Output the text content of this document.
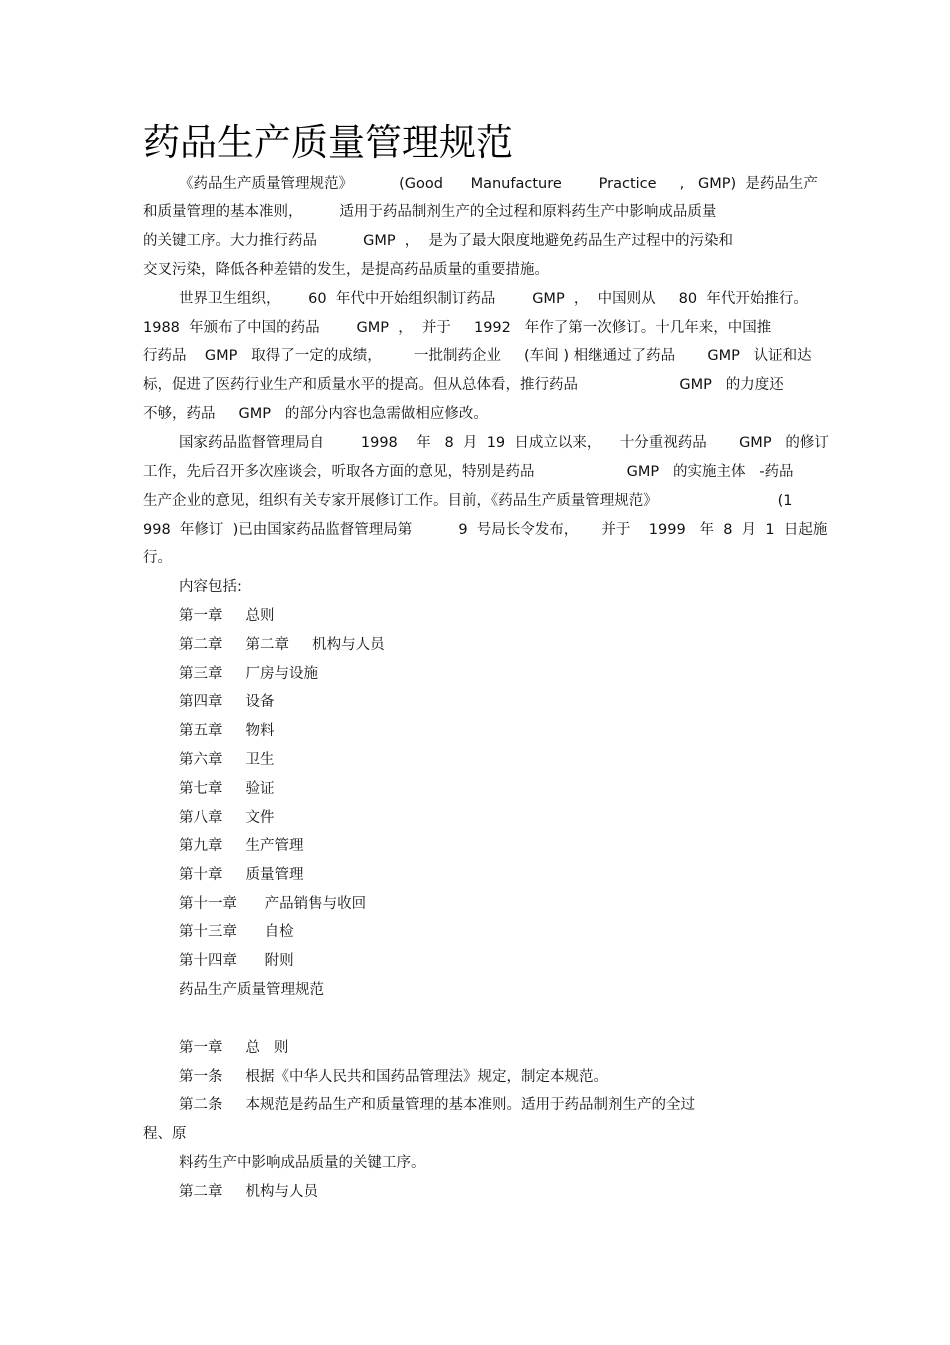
药品生产质量管理规范
《药品生产质量管理规范》          (Good      Manufacture        Practice     ,   GMP)  是药品生产
和质量管理的基本准则，        适用于药品制剂生产的全过程和原料药生产中影响成品质量
的关键工序。大力推行药品          GMP  ，  是为了最大限度地避免药品生产过程中的污染和
交叉污染，降低各种差错的发生，是提高药品质量的重要措施。
世界卫生组织，      60  年代中开始组织制订药品        GMP  ，  中国则从     80  年代开始推行。
1988  年颁布了中国的药品        GMP  ，  并于     1992   年作了第一次修订。十几年来，中国推
行药品    GMP   取得了一定的成绩，       一批制药企业     (车间 ) 相继通过了药品       GMP   认证和达
标，促进了医药行业生产和质量水平的提高。但从总体看，推行药品                      GMP   的力度还
不够，药品     GMP   的部分内容也急需做相应修改。
国家药品监督管理局自        1998    年   8  月  19  日成立以来，    十分重视药品       GMP   的修订
工作，先后召开多次座谈会，听取各方面的意见，特别是药品                    GMP   的实施主体   -药品
生产企业的意见，组织有关专家开展修订工作。目前，《药品生产质量管理规范》                          (1
998  年修订  )已由国家药品监督管理局第          9  号局长令发布，     并于    1999   年  8  月  1  日起施
行。
内容包括:
第一章     总则
第二章     第二章     机构与人员
第三章     厂房与设施
第四章     设备
第五章     物料
第六章     卫生
第七章     验证
第八章     文件
第九章     生产管理
第十章     质量管理
第十一章      产品销售与收回
第十三章      自检
第十四章      附则
药品生产质量管理规范
第一章     总   则
第一条     根据《中华人民共和国药品管理法》规定，制定本规范。
第二条     本规范是药品生产和质量管理的基本准则。适用于药品制剂生产的全过
程、原
料药生产中影响成品质量的关键工序。
第二章     机构与人员
